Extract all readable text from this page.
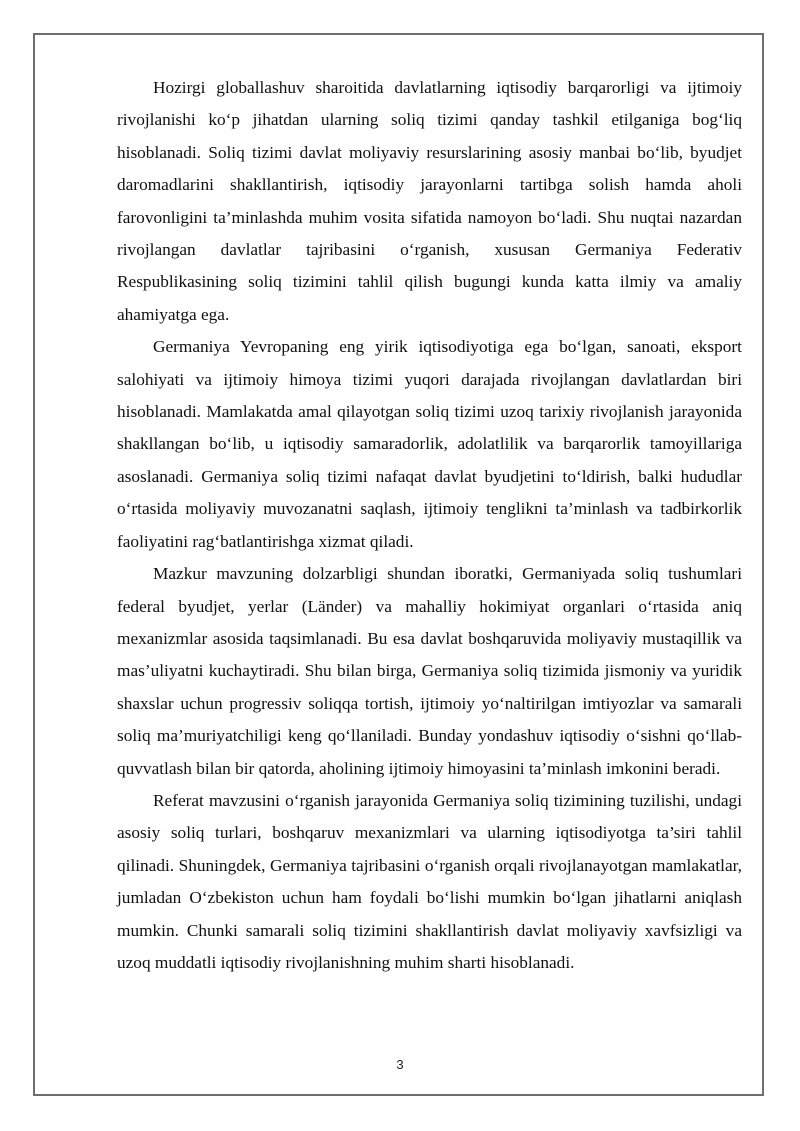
Hozirgi globallashuv sharoitida davlatlarning iqtisodiy barqarorligi va ijtimoiy rivojlanishi ko‘p jihatdan ularning soliq tizimi qanday tashkil etilganiga bog‘liq hisoblanadi. Soliq tizimi davlat moliyaviy resurslarining asosiy manbai bo‘lib, byudjet daromadlarini shakllantirish, iqtisodiy jarayonlarni tartibga solish hamda aholi farovonligini ta’minlashda muhim vosita sifatida namoyon bo‘ladi. Shu nuqtai nazardan rivojlangan davlatlar tajribasini o‘rganish, xususan Germaniya Federativ Respublikasining soliq tizimini tahlil qilish bugungi kunda katta ilmiy va amaliy ahamiyatga ega.

Germaniya Yevropaning eng yirik iqtisodiyotiga ega bo‘lgan, sanoati, eksport salohiyati va ijtimoiy himoya tizimi yuqori darajada rivojlangan davlatlardan biri hisoblanadi. Mamlakatda amal qilayotgan soliq tizimi uzoq tarixiy rivojlanish jarayonida shakllangan bo‘lib, u iqtisodiy samaradorlik, adolatlilik va barqarorlik tamoyillariga asoslanadi. Germaniya soliq tizimi nafaqat davlat byudjetini to‘ldirish, balki hududlar o‘rtasida moliyaviy muvozanatni saqlash, ijtimoiy tenglikni ta’minlash va tadbirkorlik faoliyatini rag‘batlantirishga xizmat qiladi.

Mazkur mavzuning dolzarbligi shundan iboratki, Germaniyada soliq tushumlari federal byudjet, yerlar (Länder) va mahalliy hokimiyat organlari o‘rtasida aniq mexanizmlar asosida taqsimlanadi. Bu esa davlat boshqaruvida moliyaviy mustaqillik va mas’uliyatni kuchaytiradi. Shu bilan birga, Germaniya soliq tizimida jismoniy va yuridik shaxslar uchun progressiv soliqqa tortish, ijtimoiy yo‘naltirilgan imtiyozlar va samarali soliq ma’muriyatchiligi keng qo‘llaniladi. Bunday yondashuv iqtisodiy o‘sishni qo‘llab-quvvatlash bilan bir qatorda, aholining ijtimoiy himoyasini ta’minlash imkonini beradi.

Referat mavzusini o‘rganish jarayonida Germaniya soliq tizimining tuzilishi, undagi asosiy soliq turlari, boshqaruv mexanizmlari va ularning iqtisodiyotga ta’siri tahlil qilinadi. Shuningdek, Germaniya tajribasini o‘rganish orqali rivojlanayotgan mamlakatlar, jumladan O‘zbekiston uchun ham foydali bo‘lishi mumkin bo‘lgan jihatlarni aniqlash mumkin. Chunki samarali soliq tizimini shakllantirish davlat moliyaviy xavfsizligi va uzoq muddatli iqtisodiy rivojlanishning muhim sharti hisoblanadi.

3
